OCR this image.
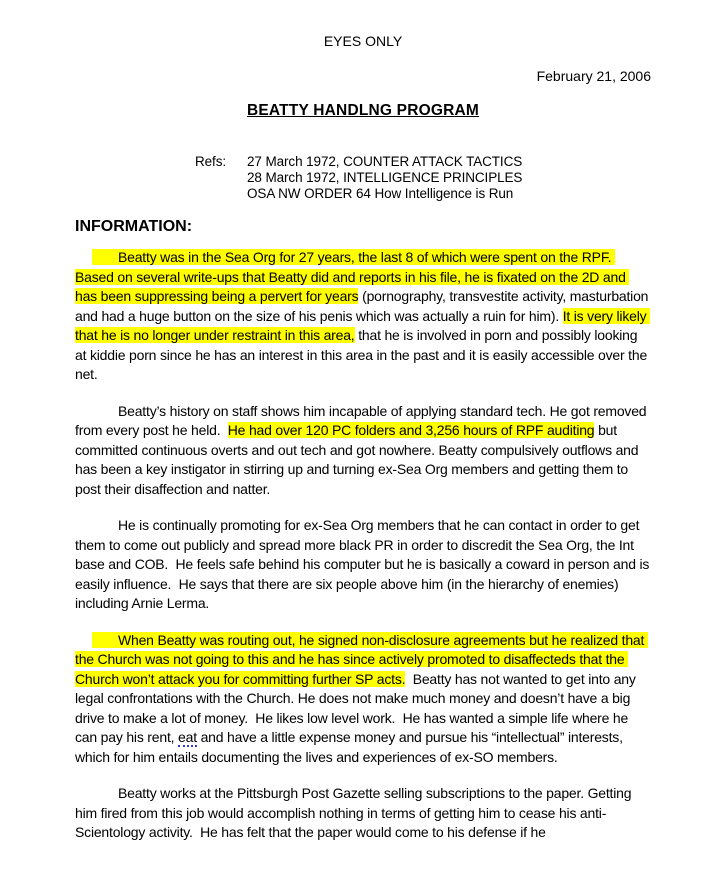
EYES ONLY
February 21, 2006
BEATTY HANDLNG PROGRAM
Refs: 27 March 1972, COUNTER ATTACK TACTICS
28 March 1972, INTELLIGENCE PRINCIPLES
OSA NW ORDER 64 How Intelligence is Run
INFORMATION:

Beatty was in the Sea Org for 27 years, the last 8 of which were spent on the RPF. Based on several write-ups that Beatty did and reports in his file, he is fixated on the 2D and has been suppressing being a pervert for years (pornography, transvestite activity, masturbation and had a huge button on the size of his penis which was actually a ruin for him). It is very likely that he is no longer under restraint in this area, that he is involved in porn and possibly looking at kiddie porn since he has an interest in this area in the past and it is easily accessible over the net.

Beatty’s history on staff shows him incapable of applying standard tech. He got removed from every post he held.  He had over 120 PC folders and 3,256 hours of RPF auditing but committed continuous overts and out tech and got nowhere. Beatty compulsively outflows and has been a key instigator in stirring up and turning ex-Sea Org members and getting them to post their disaffection and natter.

He is continually promoting for ex-Sea Org members that he can contact in order to get them to come out publicly and spread more black PR in order to discredit the Sea Org, the Int base and COB.  He feels safe behind his computer but he is basically a coward in person and is easily influence.  He says that there are six people above him (in the hierarchy of enemies) including Arnie Lerma.

When Beatty was routing out, he signed non-disclosure agreements but he realized that the Church was not going to this and he has since actively promoted to disaffecteds that the Church won’t attack you for committing further SP acts.  Beatty has not wanted to get into any legal confrontations with the Church. He does not make much money and doesn’t have a big drive to make a lot of money.  He likes low level work.  He has wanted a simple life where he can pay his rent, eat and have a little expense money and pursue his “intellectual” interests, which for him entails documenting the lives and experiences of ex-SO members.

Beatty works at the Pittsburgh Post Gazette selling subscriptions to the paper. Getting him fired from this job would accomplish nothing in terms of getting him to cease his anti-Scientology activity.  He has felt that the paper would come to his defense if he
